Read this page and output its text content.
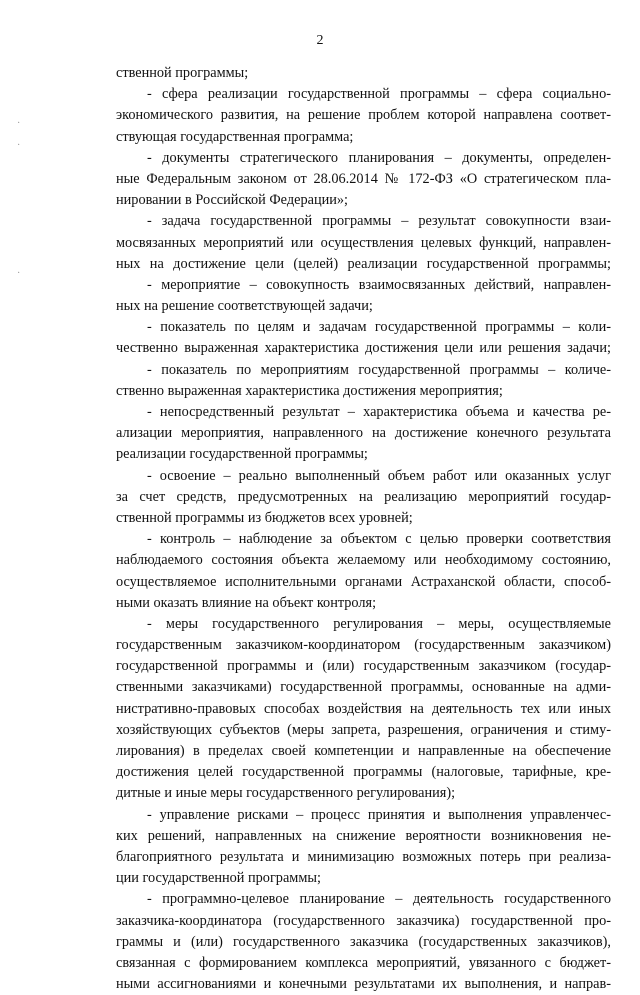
2
·
·
·
ственной программы;
- сфера реализации государственной программы – сфера социально-
экономического развития, на решение проблем которой направлена соответ-
ствующая государственная программа;
- документы стратегического планирования – документы, определен-
ные Федеральным законом от 28.06.2014 № 172-ФЗ «О стратегическом пла-
нировании в Российской Федерации»;
- задача государственной программы – результат совокупности взаи-
мосвязанных мероприятий или осуществления целевых функций, направлен-
ных на достижение цели (целей) реализации государственной программы;
- мероприятие – совокупность взаимосвязанных действий, направлен-
ных на решение соответствующей задачи;
- показатель по целям и задачам государственной программы – коли-
чественно выраженная характеристика достижения цели или решения задачи;
- показатель по мероприятиям государственной программы – количе-
ственно выраженная характеристика достижения мероприятия;
- непосредственный результат – характеристика объема и качества ре-
ализации мероприятия, направленного на достижение конечного результата
реализации государственной программы;
- освоение – реально выполненный объем работ или оказанных услуг
за счет средств, предусмотренных на реализацию мероприятий государ-
ственной программы из бюджетов всех уровней;
- контроль – наблюдение за объектом с целью проверки соответствия
наблюдаемого состояния объекта желаемому или необходимому состоянию,
осуществляемое исполнительными органами Астраханской области, способ-
ными оказать влияние на объект контроля;
- меры государственного регулирования – меры, осуществляемые
государственным заказчиком-координатором (государственным заказчиком)
государственной программы и (или) государственным заказчиком (государ-
ственными заказчиками) государственной программы, основанные на адми-
нистративно-правовых способах воздействия на деятельность тех или иных
хозяйствующих субъектов (меры запрета, разрешения, ограничения и стиму-
лирования) в пределах своей компетенции и направленные на обеспечение
достижения целей государственной программы (налоговые, тарифные, кре-
дитные и иные меры государственного регулирования);
- управление рисками – процесс принятия и выполнения управленчес-
ких решений, направленных на снижение вероятности возникновения не-
благоприятного результата и минимизацию возможных потерь при реализа-
ции государственной программы;
- программно-целевое планирование – деятельность государственного
заказчика-координатора (государственного заказчика) государственной про-
граммы и (или) государственного заказчика (государственных заказчиков),
связанная с формированием комплекса мероприятий, увязанного с бюджет-
ными ассигнованиями и конечными результатами их выполнения, и направ-
